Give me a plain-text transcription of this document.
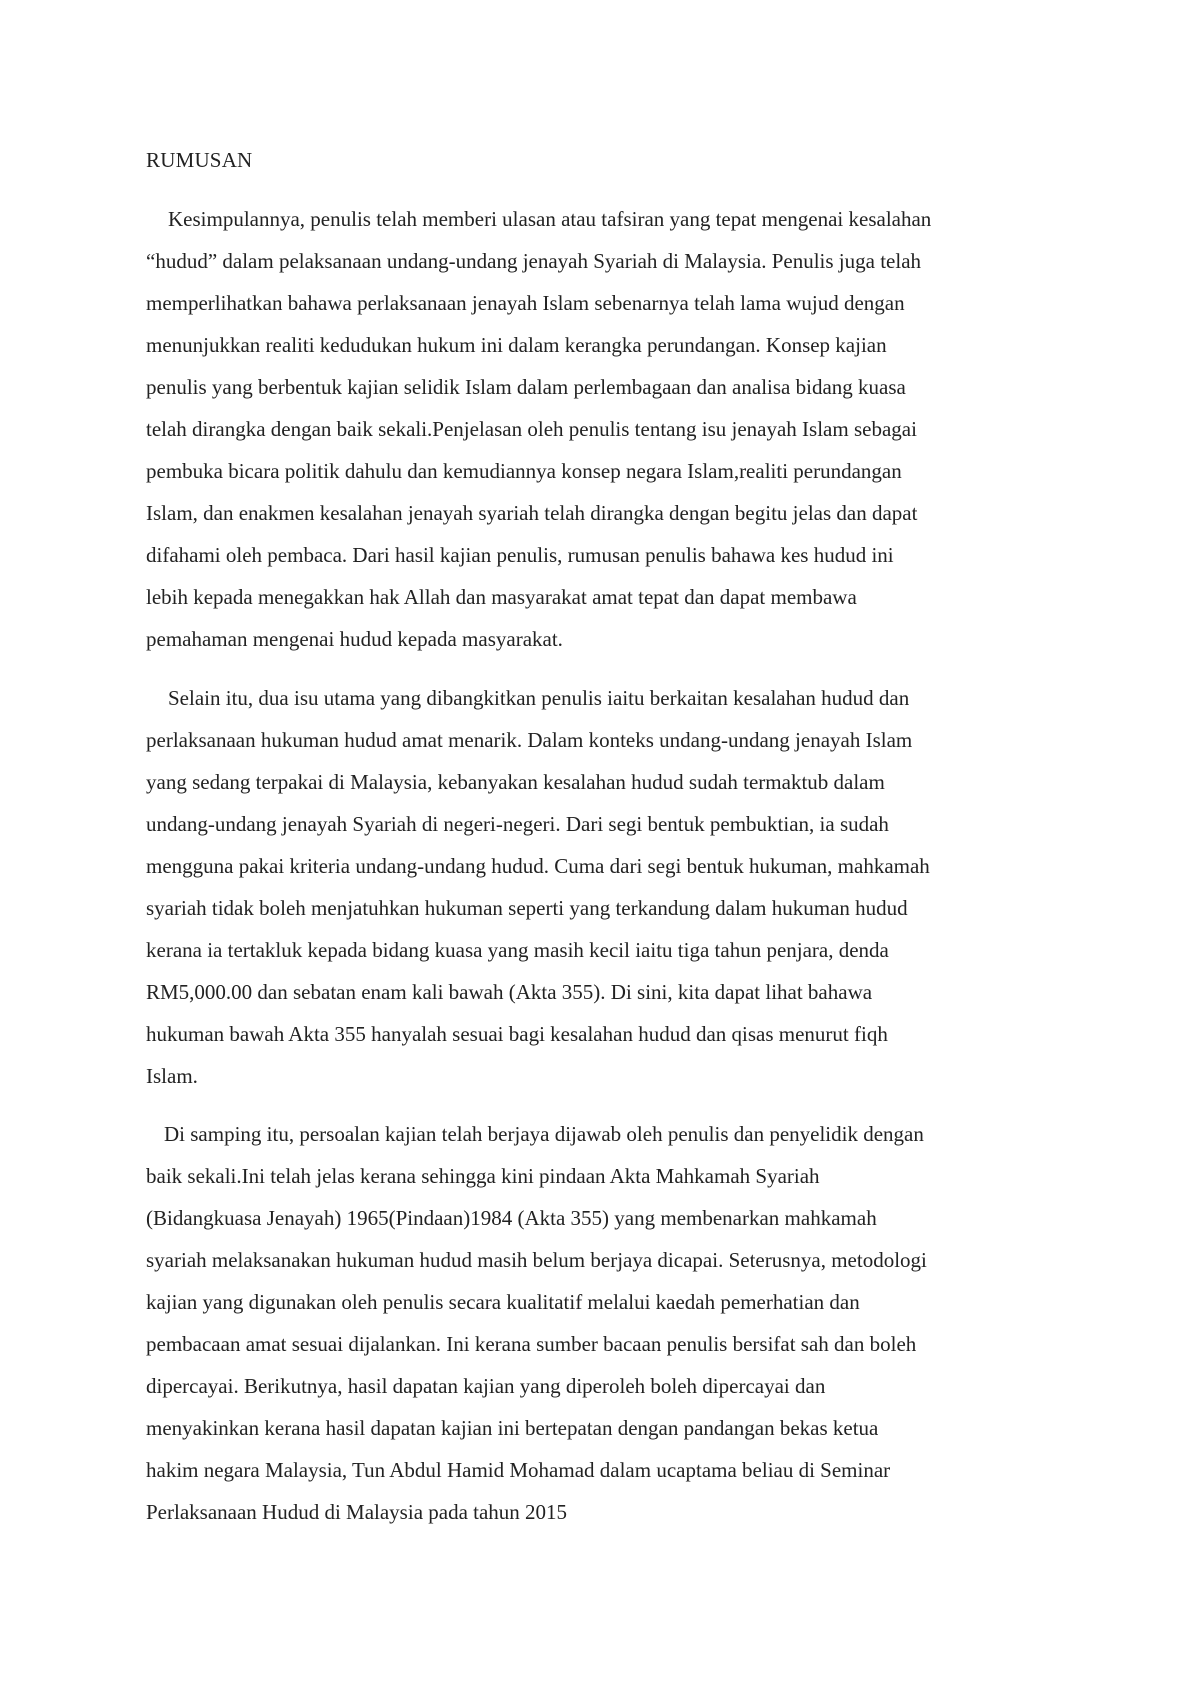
RUMUSAN
Kesimpulannya, penulis telah memberi ulasan atau tafsiran yang tepat mengenai kesalahan
“hudud” dalam pelaksanaan undang-undang jenayah Syariah di Malaysia. Penulis juga telah
memperlihatkan bahawa perlaksanaan jenayah Islam sebenarnya telah lama wujud dengan
menunjukkan realiti kedudukan hukum ini dalam kerangka perundangan. Konsep kajian
penulis yang berbentuk kajian selidik Islam dalam perlembagaan dan analisa bidang kuasa
telah dirangka dengan baik sekali.Penjelasan oleh penulis tentang isu jenayah Islam sebagai
pembuka bicara politik dahulu dan kemudiannya konsep negara Islam,realiti perundangan
Islam, dan enakmen kesalahan jenayah syariah telah dirangka dengan begitu jelas dan dapat
difahami oleh pembaca. Dari hasil kajian penulis, rumusan penulis bahawa kes hudud ini
lebih kepada menegakkan hak Allah dan masyarakat amat tepat dan dapat membawa
pemahaman mengenai hudud kepada masyarakat.
Selain itu, dua isu utama yang dibangkitkan penulis iaitu berkaitan kesalahan hudud dan
perlaksanaan hukuman hudud amat menarik. Dalam konteks undang-undang jenayah Islam
yang sedang terpakai di Malaysia, kebanyakan kesalahan hudud sudah termaktub dalam
undang-undang jenayah Syariah di negeri-negeri. Dari segi bentuk pembuktian, ia sudah
mengguna pakai kriteria undang-undang hudud. Cuma dari segi bentuk hukuman, mahkamah
syariah tidak boleh menjatuhkan hukuman seperti yang terkandung dalam hukuman hudud
kerana ia tertakluk kepada bidang kuasa yang masih kecil iaitu tiga tahun penjara, denda
RM5,000.00 dan sebatan enam kali bawah (Akta 355). Di sini, kita dapat lihat bahawa
hukuman bawah Akta 355 hanyalah sesuai bagi kesalahan hudud dan qisas menurut fiqh
Islam.
Di samping itu, persoalan kajian telah berjaya dijawab oleh penulis dan penyelidik dengan
baik sekali.Ini telah jelas kerana sehingga kini pindaan Akta Mahkamah Syariah
(Bidangkuasa Jenayah) 1965(Pindaan)1984 (Akta 355) yang membenarkan mahkamah
syariah melaksanakan hukuman hudud masih belum berjaya dicapai. Seterusnya, metodologi
kajian yang digunakan oleh penulis secara kualitatif melalui kaedah pemerhatian dan
pembacaan amat sesuai dijalankan. Ini kerana sumber bacaan penulis bersifat sah dan boleh
dipercayai. Berikutnya, hasil dapatan kajian yang diperoleh boleh dipercayai dan
menyakinkan kerana hasil dapatan kajian ini bertepatan dengan pandangan bekas ketua
hakim negara Malaysia, Tun Abdul Hamid Mohamad dalam ucaptama beliau di Seminar
Perlaksanaan Hudud di Malaysia pada tahun 2015
